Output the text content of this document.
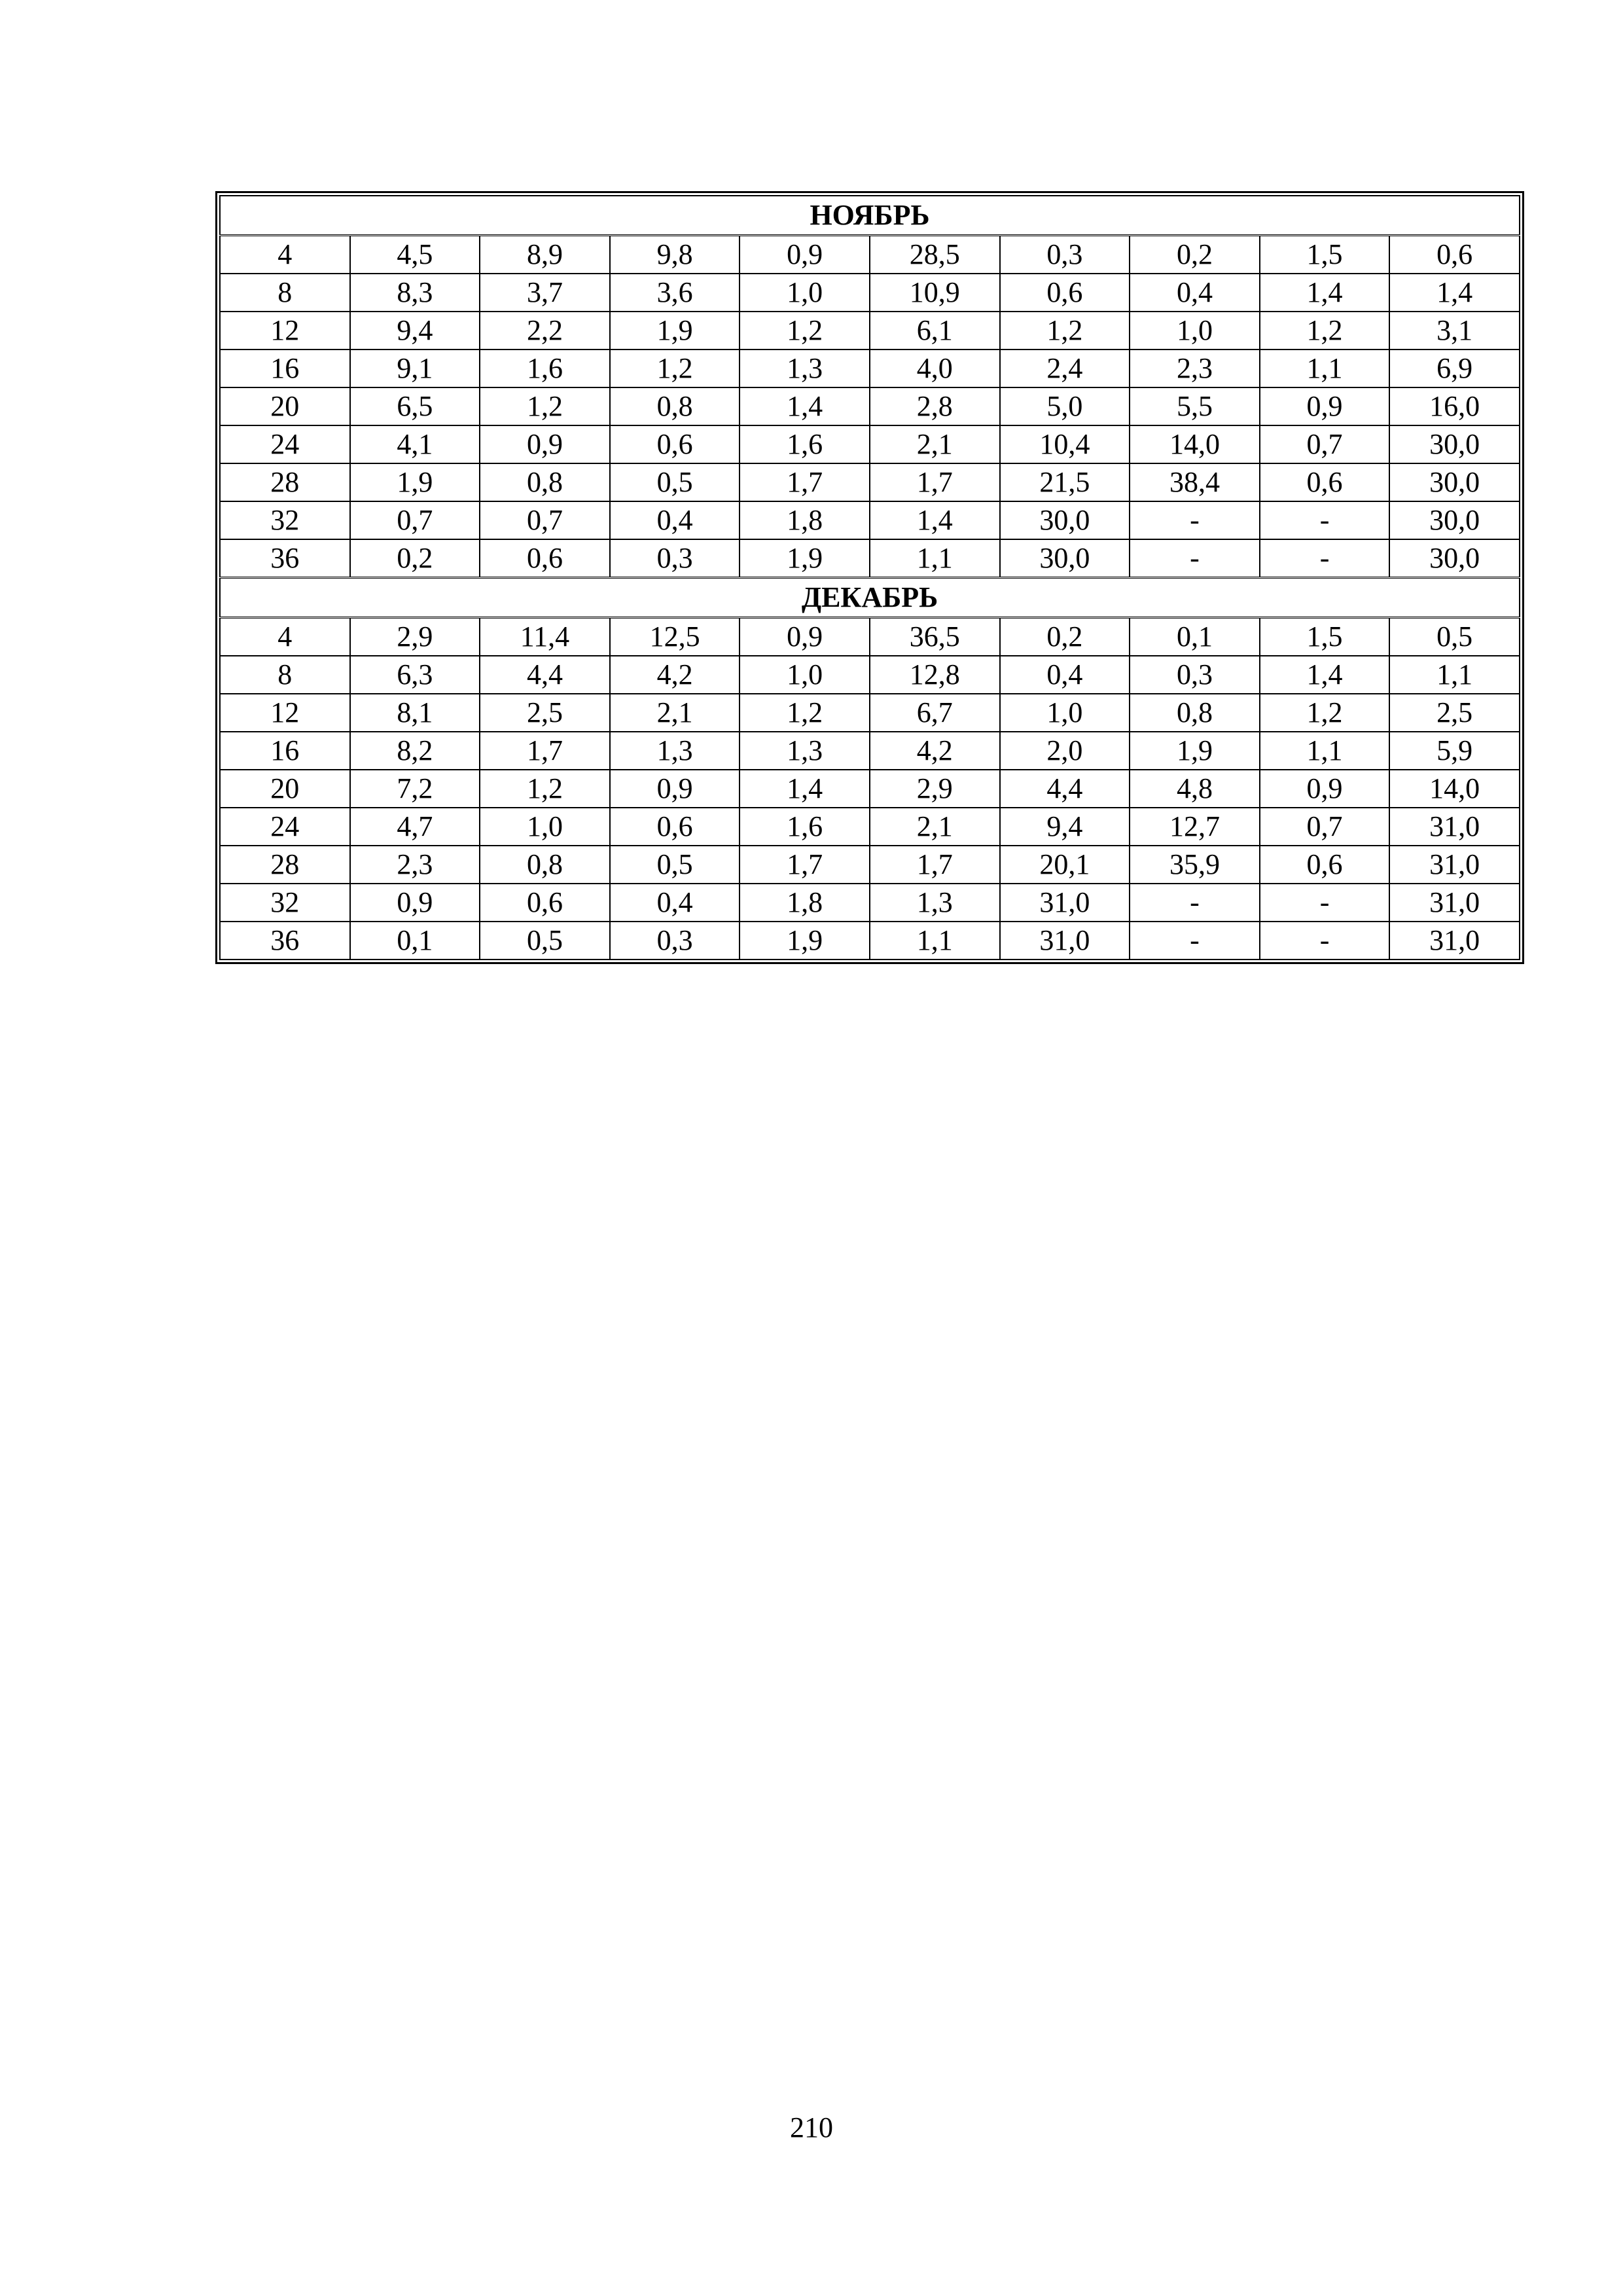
НОЯБРЬ									
4	4,5	8,9	9,8	0,9	28,5	0,3	0,2	1,5	0,6
8	8,3	3,7	3,6	1,0	10,9	0,6	0,4	1,4	1,4
12	9,4	2,2	1,9	1,2	6,1	1,2	1,0	1,2	3,1
16	9,1	1,6	1,2	1,3	4,0	2,4	2,3	1,1	6,9
20	6,5	1,2	0,8	1,4	2,8	5,0	5,5	0,9	16,0
24	4,1	0,9	0,6	1,6	2,1	10,4	14,0	0,7	30,0
28	1,9	0,8	0,5	1,7	1,7	21,5	38,4	0,6	30,0
32	0,7	0,7	0,4	1,8	1,4	30,0	-	-	30,0
36	0,2	0,6	0,3	1,9	1,1	30,0	-	-	30,0
ДЕКАБРЬ									
4	2,9	11,4	12,5	0,9	36,5	0,2	0,1	1,5	0,5
8	6,3	4,4	4,2	1,0	12,8	0,4	0,3	1,4	1,1
12	8,1	2,5	2,1	1,2	6,7	1,0	0,8	1,2	2,5
16	8,2	1,7	1,3	1,3	4,2	2,0	1,9	1,1	5,9
20	7,2	1,2	0,9	1,4	2,9	4,4	4,8	0,9	14,0
24	4,7	1,0	0,6	1,6	2,1	9,4	12,7	0,7	31,0
28	2,3	0,8	0,5	1,7	1,7	20,1	35,9	0,6	31,0
32	0,9	0,6	0,4	1,8	1,3	31,0	-	-	31,0
36	0,1	0,5	0,3	1,9	1,1	31,0	-	-	31,0
210
